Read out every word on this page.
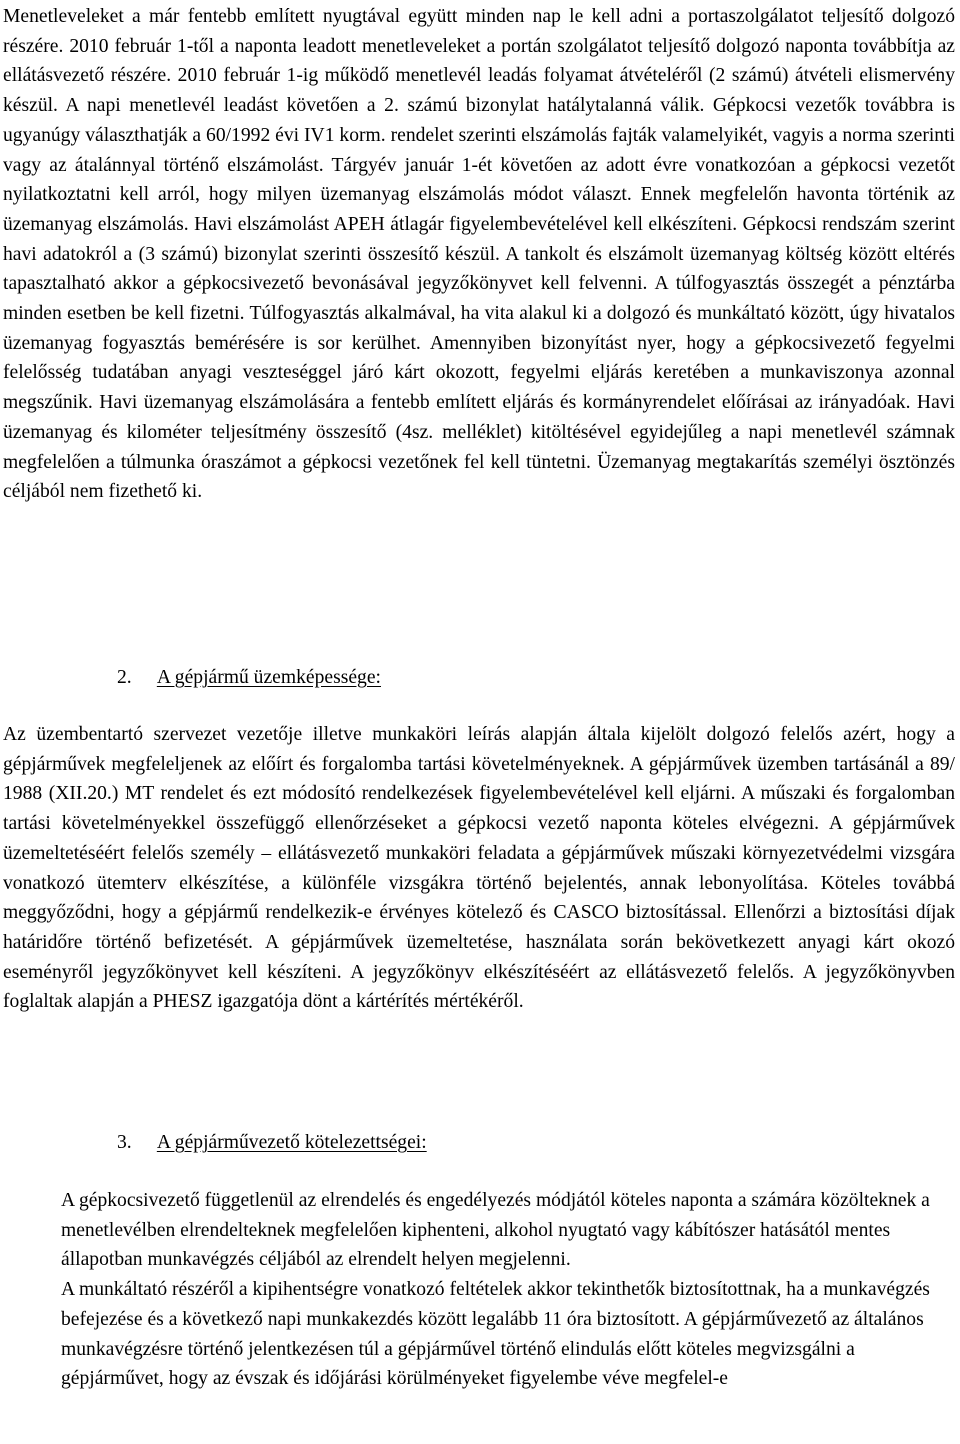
Menetleveleket a már fentebb említett nyugtával együtt minden nap le kell adni a portaszolgálatot teljesítő dolgozó részére. 2010 február 1-től a naponta leadott menetleveleket a portán szolgálatot teljesítő dolgozó naponta továbbítja az ellátásvezető részére. 2010 február 1-ig működő menetlevél leadás folyamat átvételéről (2 számú) átvételi elismervény készül. A napi menetlevél leadást követően a 2. számú bizonylat hatálytalanná válik. Gépkocsi vezetők továbbra is ugyanúgy választhatják a 60/1992 évi IV1 korm. rendelet szerinti elszámolás fajták valamelyikét, vagyis a norma szerinti vagy az átalánnyal történő elszámolást. Tárgyév január 1-ét követően az adott évre vonatkozóan a gépkocsi vezetőt nyilatkoztatni kell arról, hogy milyen üzemanyag elszámolás módot választ. Ennek megfelelőn havonta történik az üzemanyag elszámolás. Havi elszámolást APEH átlagár figyelembevételével kell elkészíteni. Gépkocsi rendszám szerint havi adatokról a (3 számú) bizonylat szerinti összesítő készül. A tankolt és elszámolt üzemanyag költség között eltérés tapasztalható akkor a gépkocsivezető bevonásával jegyzőkönyvet kell felvenni. A túlfogyasztás összegét a pénztárba minden esetben be kell fizetni. Túlfogyasztás alkalmával, ha vita alakul ki a dolgozó és munkáltató között, úgy hivatalos üzemanyag fogyasztás bemérésére is sor kerülhet. Amennyiben bizonyítást nyer, hogy a gépkocsivezető fegyelmi felelősség tudatában anyagi veszteséggel járó kárt okozott, fegyelmi eljárás keretében a munkaviszonya azonnal megszűnik. Havi üzemanyag elszámolására a fentebb említett eljárás és kormányrendelet előírásai az irányadóak. Havi üzemanyag és kilométer teljesítmény összesítő (4sz. melléklet) kitöltésével egyidejűleg a napi menetlevél számnak megfelelően a túlmunka óraszámot a gépkocsi vezetőnek fel kell tüntetni. Üzemanyag megtakarítás személyi ösztönzés céljából nem fizethető ki.

2. A gépjármű üzemképessége:

Az üzembentartó szervezet vezetője illetve munkaköri leírás alapján általa kijelölt dolgozó felelős azért, hogy a gépjárművek megfeleljenek az előírt és forgalomba tartási követelményeknek. A gépjárművek üzemben tartásánál a 89/ 1988 (XII.20.) MT rendelet és ezt módosító rendelkezések figyelembevételével kell eljárni. A műszaki és forgalomban tartási követelményekkel összefüggő ellenőrzéseket a gépkocsi vezető naponta köteles elvégezni. A gépjárművek üzemeltetéséért felelős személy – ellátásvezető munkaköri feladata a gépjárművek műszaki környezetvédelmi vizsgára vonatkozó ütemterv elkészítése, a különféle vizsgákra történő bejelentés, annak lebonyolítása. Köteles továbbá meggyőződni, hogy a gépjármű rendelkezik-e érvényes kötelező és CASCO biztosítással. Ellenőrzi a biztosítási díjak határidőre történő befizetését. A gépjárművek üzemeltetése, használata során bekövetkezett anyagi kárt okozó eseményről jegyzőkönyvet kell készíteni. A jegyzőkönyv elkészítéséért az ellátásvezető felelős. A jegyzőkönyvben foglaltak alapján a PHESZ igazgatója dönt a kártérítés mértékéről.

3. A gépjárművezető kötelezettségei:

A gépkocsivezető függetlenül az elrendelés és engedélyezés módjától köteles naponta a számára közölteknek a menetlevélben elrendelteknek megfelelően kiphenteni, alkohol nyugtató vagy kábítószer hatásától mentes állapotban munkavégzés céljából az elrendelt helyen megjelenni.

A munkáltató részéről a kipihentségre vonatkozó feltételek akkor tekinthetők biztosítottnak, ha a munkavégzés befejezése és a következő napi munkakezdés között legalább 11 óra biztosított. A gépjárművezető az általános munkavégzésre történő jelentkezésen túl a gépjárművel történő elindulás előtt köteles megvizsgálni a gépjárművet, hogy az évszak és időjárási körülményeket figyelembe véve megfelel-e
